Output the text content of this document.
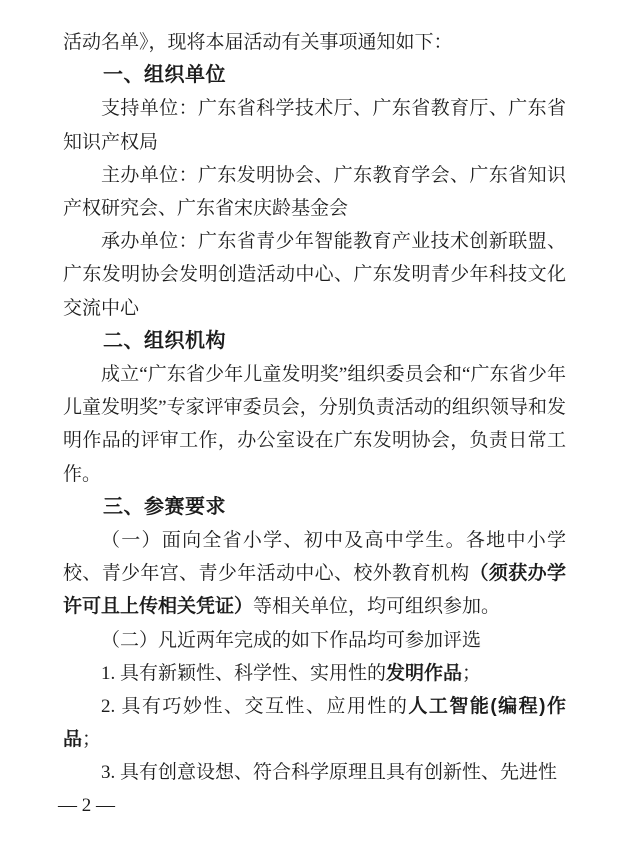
活动名单》，现将本届活动有关事项通知如下：

一、组织单位

支持单位：广东省科学技术厅、广东省教育厅、广东省知识产权局

主办单位：广东发明协会、广东教育学会、广东省知识产权研究会、广东省宋庆龄基金会

承办单位：广东省青少年智能教育产业技术创新联盟、广东发明协会发明创造活动中心、广东发明青少年科技文化交流中心

二、组织机构

成立“广东省少年儿童发明奖”组织委员会和“广东省少年儿童发明奖”专家评审委员会，分别负责活动的组织领导和发明作品的评审工作，办公室设在广东发明协会，负责日常工作。

三、参赛要求

（一）面向全省小学、初中及高中学生。各地中小学校、青少年宫、青少年活动中心、校外教育机构（须获办学许可且上传相关凭证）等相关单位，均可组织参加。

（二）凡近两年完成的如下作品均可参加评选

1. 具有新颖性、科学性、实用性的发明作品；

2. 具有巧妙性、交互性、应用性的人工智能(编程)作品；

3. 具有创意设想、符合科学原理且具有创新性、先进性

— 2 —
